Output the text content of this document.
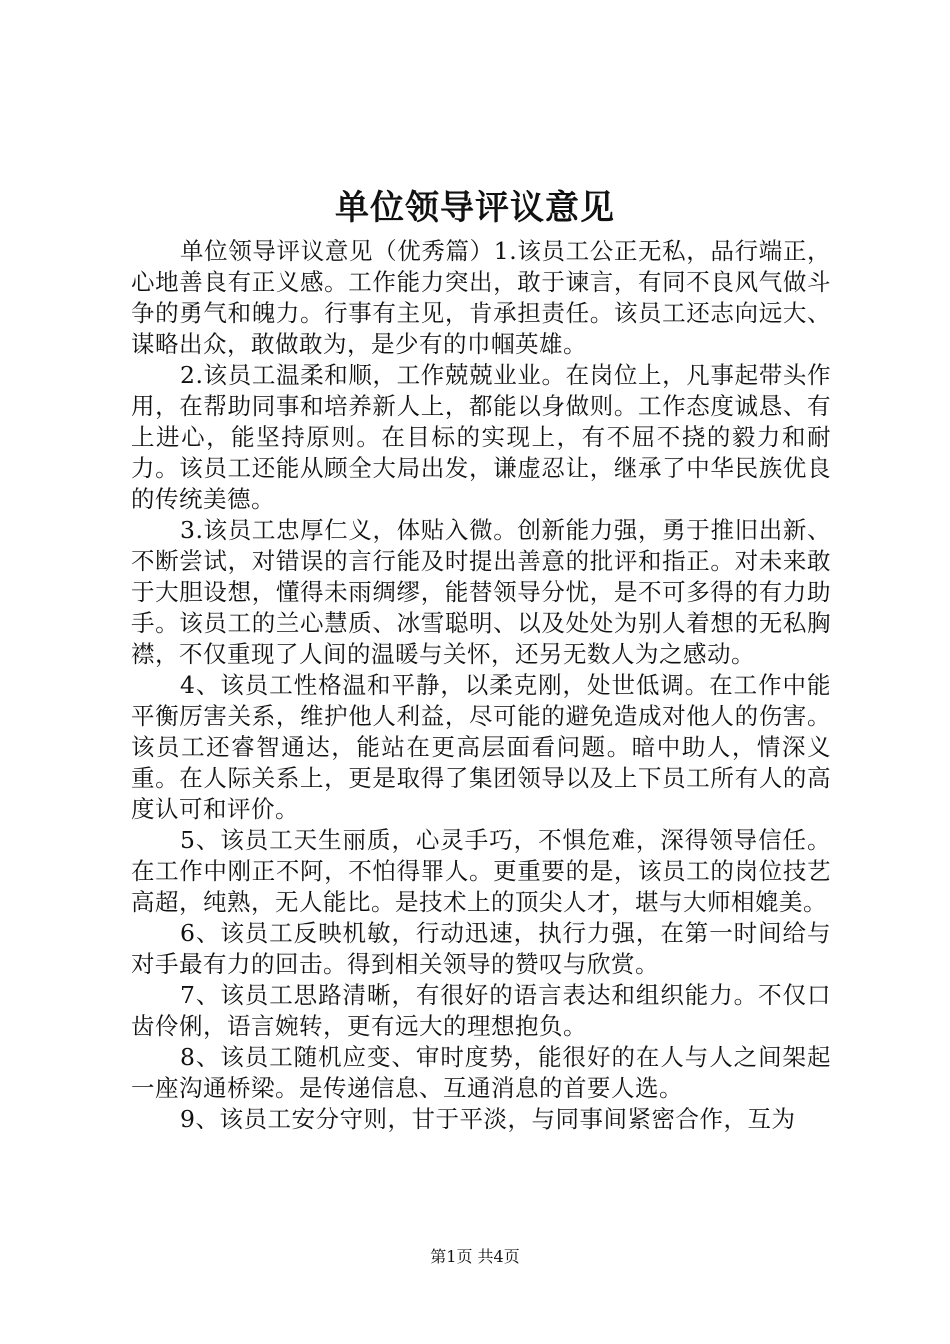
单位领导评议意见

单位领导评议意见（优秀篇）1.该员工公正无私，品行端正，心地善良有正义感。工作能力突出，敢于谏言，有同不良风气做斗争的勇气和魄力。行事有主见，肯承担责任。该员工还志向远大、谋略出众，敢做敢为，是少有的巾帼英雄。

2.该员工温柔和顺，工作兢兢业业。在岗位上，凡事起带头作用，在帮助同事和培养新人上，都能以身做则。工作态度诚恳、有上进心，能坚持原则。在目标的实现上，有不屈不挠的毅力和耐力。该员工还能从顾全大局出发，谦虚忍让，继承了中华民族优良的传统美德。

3.该员工忠厚仁义，体贴入微。创新能力强，勇于推旧出新、不断尝试，对错误的言行能及时提出善意的批评和指正。对未来敢于大胆设想，懂得未雨绸缪，能替领导分忧，是不可多得的有力助手。该员工的兰心慧质、冰雪聪明、以及处处为别人着想的无私胸襟，不仅重现了人间的温暖与关怀，还另无数人为之感动。

4、该员工性格温和平静，以柔克刚，处世低调。在工作中能平衡厉害关系，维护他人利益，尽可能的避免造成对他人的伤害。该员工还睿智通达，能站在更高层面看问题。暗中助人，情深义重。在人际关系上，更是取得了集团领导以及上下员工所有人的高度认可和评价。

5、该员工天生丽质，心灵手巧，不惧危难，深得领导信任。在工作中刚正不阿，不怕得罪人。更重要的是，该员工的岗位技艺高超，纯熟，无人能比。是技术上的顶尖人才，堪与大师相媲美。

6、该员工反映机敏，行动迅速，执行力强，在第一时间给与对手最有力的回击。得到相关领导的赞叹与欣赏。

7、该员工思路清晰，有很好的语言表达和组织能力。不仅口齿伶俐，语言婉转，更有远大的理想抱负。

8、该员工随机应变、审时度势，能很好的在人与人之间架起一座沟通桥梁。是传递信息、互通消息的首要人选。

9、该员工安分守则，甘于平淡，与同事间紧密合作，互为

第1页 共4页
